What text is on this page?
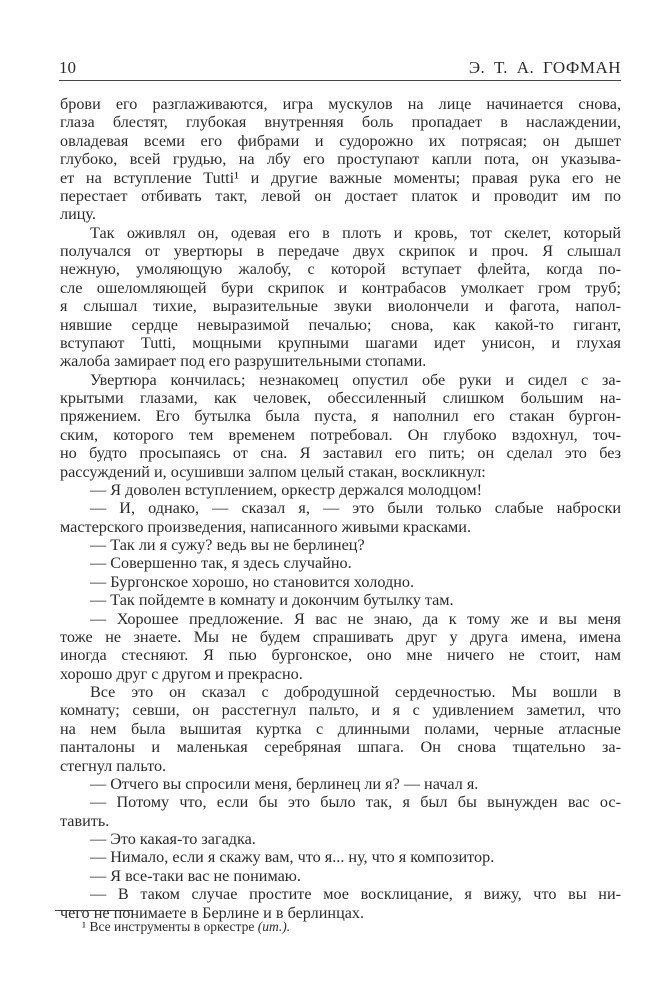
10	Э. Т. А. ГОФМАН
брови его разглаживаются, игра мускулов на лице начинается снова,
глаза блестят, глубокая внутренняя боль пропадает в наслаждении,
овладевая всеми его фибрами и судорожно их потрясая; он дышет
глубоко, всей грудью, на лбу его проступают капли пота, он указыва-
ет на вступление Tutti¹ и другие важные моменты; правая рука его не
перестает отбивать такт, левой он достает платок и проводит им по
лицу.
Так оживлял он, одевая его в плоть и кровь, тот скелет, который
получался от увертюры в передаче двух скрипок и проч. Я слышал
нежную, умоляющую жалобу, с которой вступает флейта, когда по-
сле ошеломляющей бури скрипок и контрабасов умолкает гром труб;
я слышал тихие, выразительные звуки виолончели и фагота, напол-
нявшие сердце невыразимой печалью; снова, как какой-то гигант,
вступают Tutti, мощными крупными шагами идет унисон, и глухая
жалоба замирает под его разрушительными стопами.
Увертюра кончилась; незнакомец опустил обе руки и сидел с за-
крытыми глазами, как человек, обессиленный слишком большим на-
пряжением. Его бутылка была пуста, я наполнил его стакан бургон-
ским, которого тем временем потребовал. Он глубоко вздохнул, точ-
но будто просыпаясь от сна. Я заставил его пить; он сделал это без
рассуждений и, осушивши залпом целый стакан, воскликнул:
— Я доволен вступлением, оркестр держался молодцом!
— И, однако, — сказал я, — это были только слабые наброски
мастерского произведения, написанного живыми красками.
— Так ли я сужу? ведь вы не берлинец?
— Совершенно так, я здесь случайно.
— Бургонское хорошо, но становится холодно.
— Так пойдемте в комнату и докончим бутылку там.
— Хорошее предложение. Я вас не знаю, да к тому же и вы меня
тоже не знаете. Мы не будем спрашивать друг у друга имена, имена
иногда стесняют. Я пью бургонское, оно мне ничего не стоит, нам
хорошо друг с другом и прекрасно.
Все это он сказал с добродушной сердечностью. Мы вошли в
комнату; севши, он расстегнул пальто, и я с удивлением заметил, что
на нем была вышитая куртка с длинными полами, черные атласные
панталоны и маленькая серебряная шпага. Он снова тщательно за-
стегнул пальто.
— Отчего вы спросили меня, берлинец ли я? — начал я.
— Потому что, если бы это было так, я был бы вынужден вас ос-
тавить.
— Это какая-то загадка.
— Нимало, если я скажу вам, что я... ну, что я композитор.
— Я все-таки вас не понимаю.
— В таком случае простите мое восклицание, я вижу, что вы ни-
чего не понимаете в Берлине и в берлинцах.
¹ Все инструменты в оркестре (ит.).
